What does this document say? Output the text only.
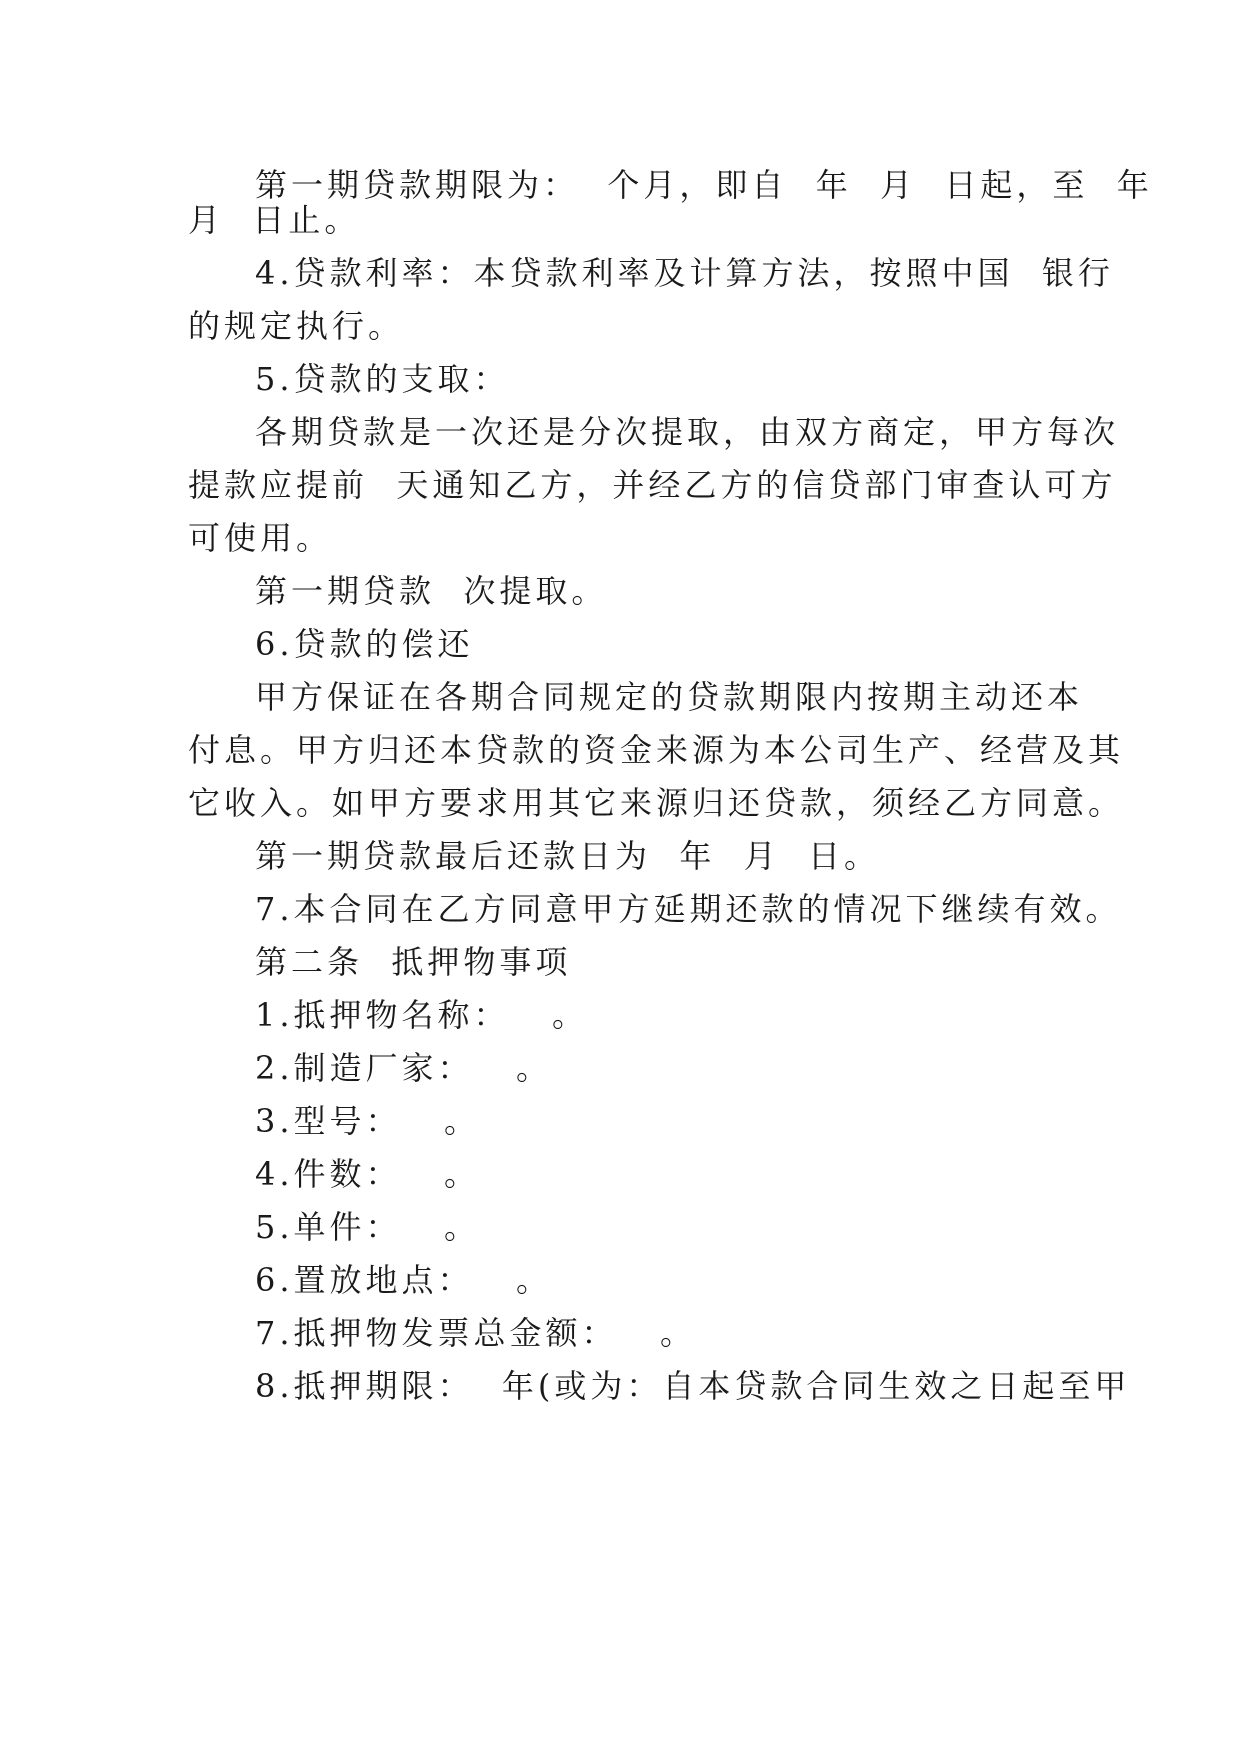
第一期贷款期限为：  个月，即自  年  月  日起，至  年
月  日止。
4.贷款利率：本贷款利率及计算方法，按照中国  银行
的规定执行。
5.贷款的支取：
各期贷款是一次还是分次提取，由双方商定，甲方每次
提款应提前  天通知乙方，并经乙方的信贷部门审查认可方
可使用。
第一期贷款  次提取。
6.贷款的偿还
甲方保证在各期合同规定的贷款期限内按期主动还本
付息。甲方归还本贷款的资金来源为本公司生产、经营及其
它收入。如甲方要求用其它来源归还贷款，须经乙方同意。
第一期贷款最后还款日为  年  月  日。
7.本合同在乙方同意甲方延期还款的情况下继续有效。
第二条  抵押物事项
1.抵押物名称：   。
2.制造厂家：   。
3.型号：   。
4.件数：   。
5.单件：   。
6.置放地点：   。
7.抵押物发票总金额：   。
8.抵押期限：  年(或为：自本贷款合同生效之日起至甲
